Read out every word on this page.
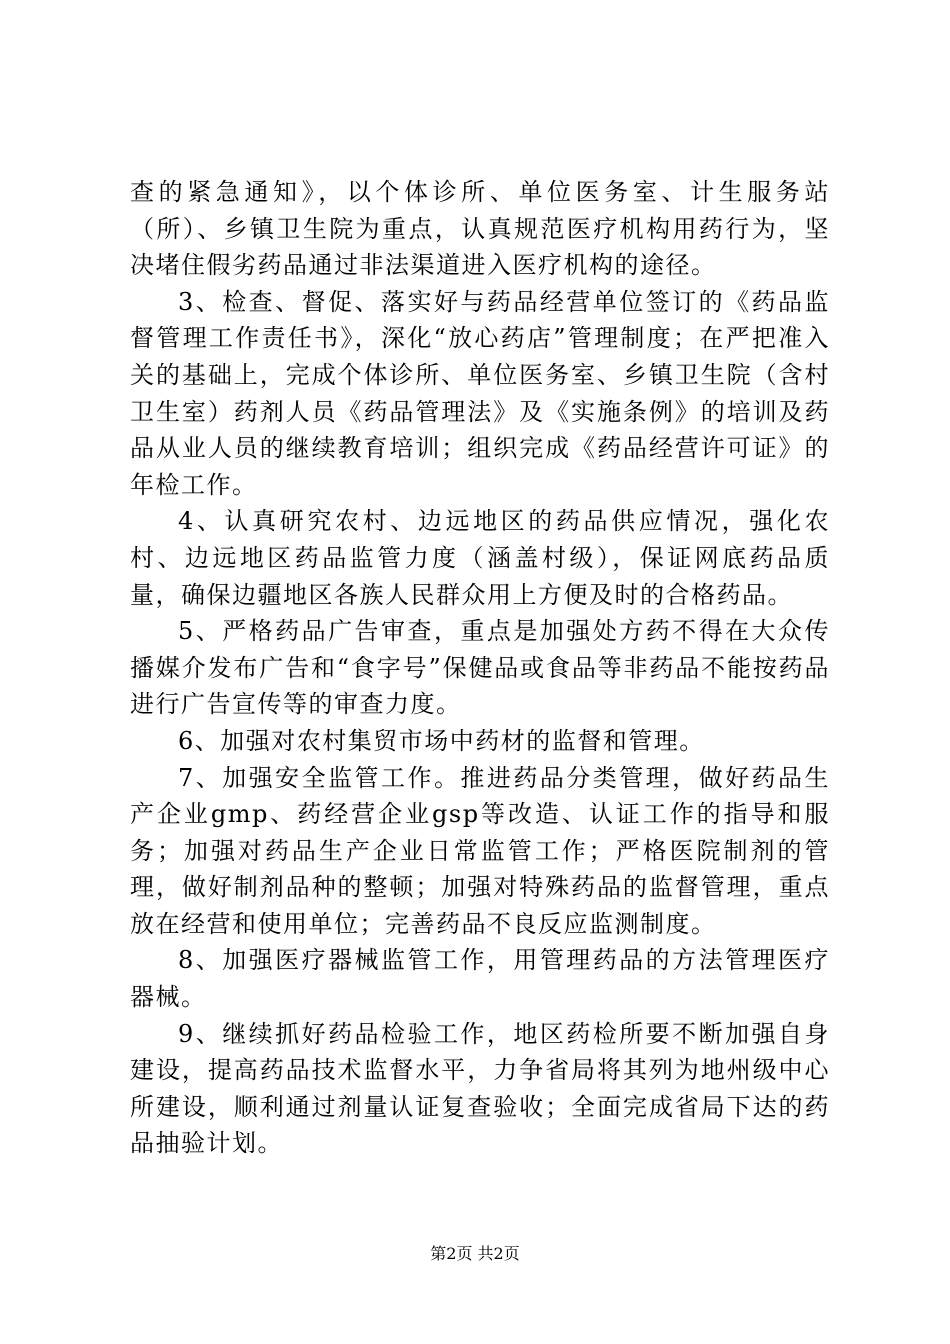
查的紧急通知》，以个体诊所、单位医务室、计生服务站（所）、乡镇卫生院为重点，认真规范医疗机构用药行为，坚决堵住假劣药品通过非法渠道进入医疗机构的途径。

3、检查、督促、落实好与药品经营单位签订的《药品监督管理工作责任书》，深化“放心药店”管理制度；在严把准入关的基础上，完成个体诊所、单位医务室、乡镇卫生院（含村卫生室）药剂人员《药品管理法》及《实施条例》的培训及药品从业人员的继续教育培训；组织完成《药品经营许可证》的年检工作。

4、认真研究农村、边远地区的药品供应情况，强化农村、边远地区药品监管力度（涵盖村级），保证网底药品质量，确保边疆地区各族人民群众用上方便及时的合格药品。

5、严格药品广告审查，重点是加强处方药不得在大众传播媒介发布广告和“食字号”保健品或食品等非药品不能按药品进行广告宣传等的审查力度。

6、加强对农村集贸市场中药材的监督和管理。

7、加强安全监管工作。推进药品分类管理，做好药品生产企业gmp、药经营企业gsp等改造、认证工作的指导和服务；加强对药品生产企业日常监管工作；严格医院制剂的管理，做好制剂品种的整顿；加强对特殊药品的监督管理，重点放在经营和使用单位；完善药品不良反应监测制度。

8、加强医疗器械监管工作，用管理药品的方法管理医疗器械。

9、继续抓好药品检验工作，地区药检所要不断加强自身建设，提高药品技术监督水平，力争省局将其列为地州级中心所建设，顺利通过剂量认证复查验收；全面完成省局下达的药品抽验计划。

第2页 共2页
